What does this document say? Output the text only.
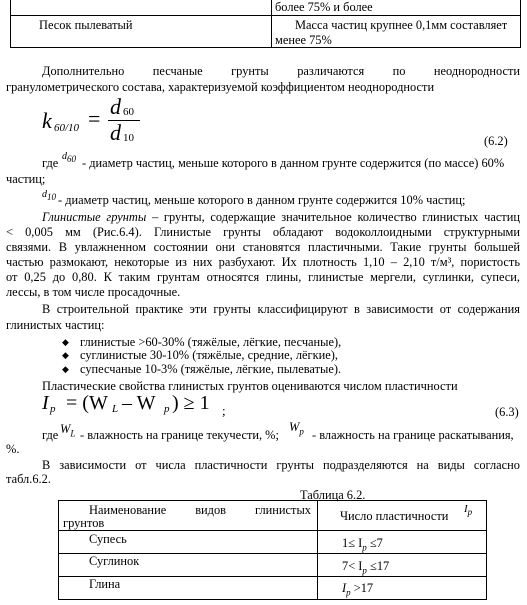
более 75% и более
Песок пылеватый	Масса частиц крупнее 0,1мм составляет
менее 75%
Дополнительно песчаные грунты различаются по неоднородности
гранулометрического состава, характеризуемой коэффициентом неоднородности
k 60/10 = d 60
d 10	(6.2)
где $d_{60}$ - диаметр частиц, меньше которого в данном грунте содержится (по массе) 60%
частиц;
$d_{10}$ - диаметр частиц, меньше которого в данном грунте содержится 10% частиц;
Глинистые грунты – грунты, содержащие значительное количество глинистых частиц
< 0,005 мм (Рис.6.4). Глинистые грунты обладают водоколлоидными структурными
связями. В увлажненном состоянии они становятся пластичными. Такие грунты большей
частью размокают, некоторые из них разбухают. Их плотность 1,10 – 2,10 т/м³, пористость
от 0,25 до 0,80. К таким грунтам относятся глины, глинистые мергели, суглинки, супеси,
лессы, в том числе просадочные.
В строительной практике эти грунты классифицируют в зависимости от содержания
глинистых частиц:
◆ глинистые >60-30% (тяжёлые, лёгкие, песчаные),
◆ суглинистые 30-10% (тяжёлые, средние, лёгкие),
◆ супесчаные 10-3% (тяжёлые, лёгкие, пылеватые).
Пластические свойства глинистых грунтов оцениваются числом пластичности
I p = (W L – W p ) ≥ 1 ;	(6.3)
где $W_L$ - влажность на границе текучести, %;
$W_p$ - влажность на границе раскатывания,
%.
В зависимости от числа пластичности грунты подразделяются на виды согласно
табл.6.2.
Таблица 6.2.
Наименование видов глинистых
грунтов	Число пластичности $I_p$
Супесь	$1\le I_p \le 7$
Суглинок	$7< I_p \le 17$
Глина	$I_p >17$
